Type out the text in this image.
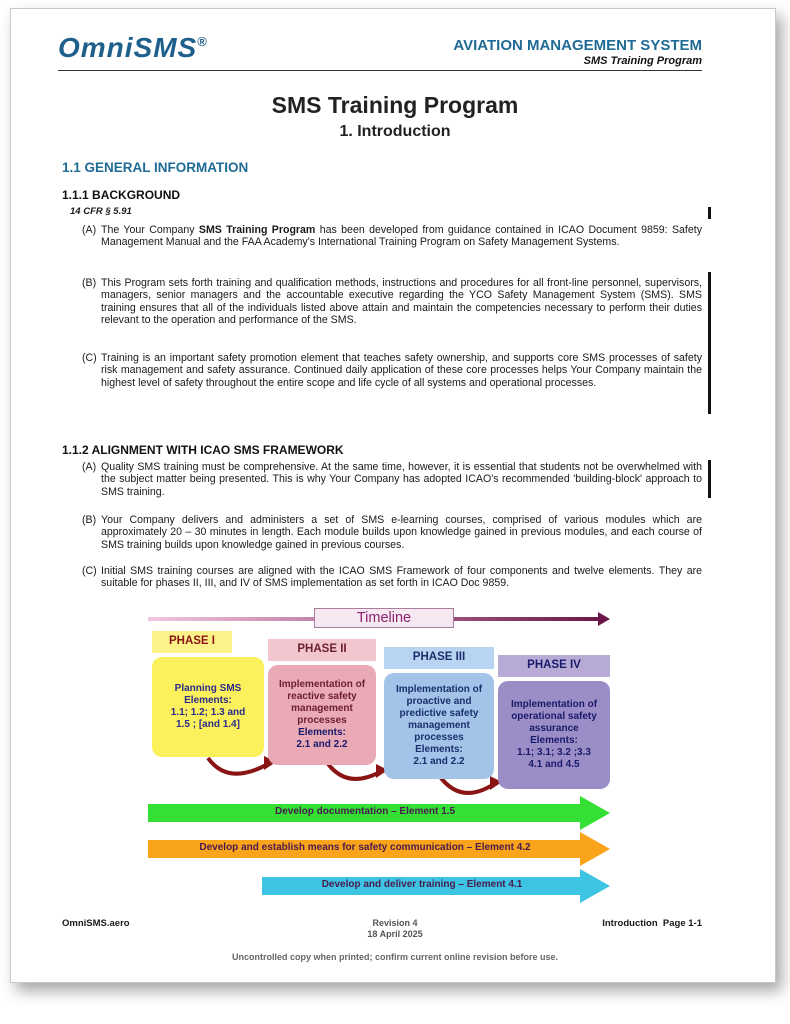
OmniSMS®	AVIATION MANAGEMENT SYSTEM
SMS Training Program
SMS Training Program
1. Introduction
1.1 GENERAL INFORMATION
1.1.1 BACKGROUND
14 CFR § 5.91
(A) The Your Company SMS Training Program has been developed from guidance contained in ICAO Document 9859: Safety Management Manual and the FAA Academy's International Training Program on Safety Management Systems.
(B) This Program sets forth training and qualification methods, instructions and procedures for all front-line personnel, supervisors, managers, senior managers and the accountable executive regarding the YCO Safety Management System (SMS). SMS training ensures that all of the individuals listed above attain and maintain the competencies necessary to perform their duties relevant to the operation and performance of the SMS.
(C) Training is an important safety promotion element that teaches safety ownership, and supports core SMS processes of safety risk management and safety assurance. Continued daily application of these core processes helps Your Company maintain the highest level of safety throughout the entire scope and life cycle of all systems and operational processes.
1.1.2 ALIGNMENT WITH ICAO SMS FRAMEWORK
(A) Quality SMS training must be comprehensive. At the same time, however, it is essential that students not be overwhelmed with the subject matter being presented. This is why Your Company has adopted ICAO's recommended 'building-block' approach to SMS training.
(B) Your Company delivers and administers a set of SMS e-learning courses, comprised of various modules which are approximately 20 – 30 minutes in length. Each module builds upon knowledge gained in previous modules, and each course of SMS training builds upon knowledge gained in previous courses.
(C) Initial SMS training courses are aligned with the ICAO SMS Framework of four components and twelve elements. They are suitable for phases II, III, and IV of SMS implementation as set forth in ICAO Doc 9859.
Timeline
PHASE I
Planning SMS
Elements:
1.1; 1.2; 1.3 and
1.5 ; [and 1.4]
PHASE II
Implementation of
reactive safety
management
processes
Elements:
2.1 and 2.2
PHASE III
Implementation of
proactive and
predictive safety
management
processes
Elements:
2.1 and 2.2
PHASE IV
Implementation of
operational safety
assurance
Elements:
1.1; 3.1; 3.2 ;3.3
4.1 and 4.5
Develop documentation – Element 1.5
Develop and establish means for safety communication – Element 4.2
Develop and deliver training – Element 4.1
OmniSMS.aero	Revision 4
18 April 2025
Introduction Page 1-1
Uncontrolled copy when printed; confirm current online revision before use.
